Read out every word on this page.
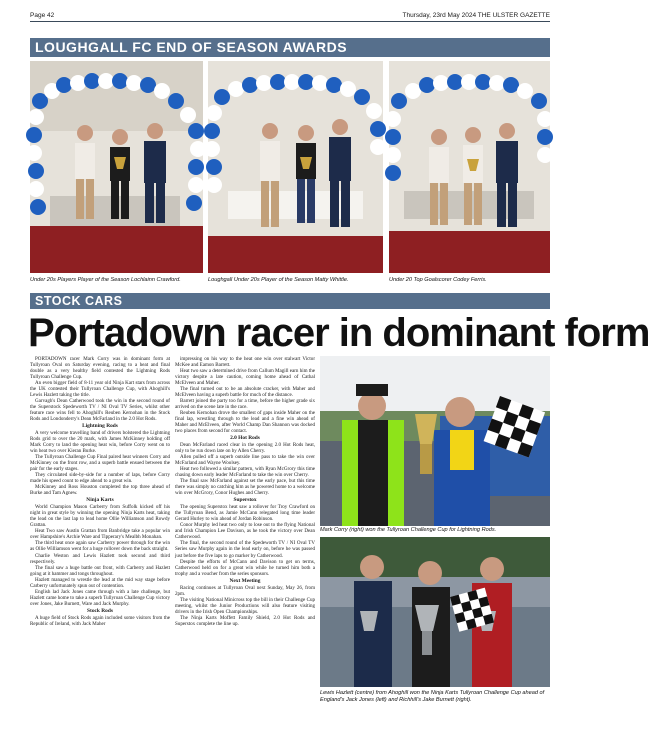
Page 42	Thursday, 23rd May 2024 THE ULSTER GAZETTE
LOUGHGALL FC END OF SEASON AWARDS
Under 20s Players Player of the Season Lochlainn Crawford.	Loughgall Under 20s Player of the Season Matty Whittle.	Under 20 Top Goalscorer Codey Ferris.
STOCK CARS
Portadown racer in dominant form

PORTADOWN racer Mark Corry was in dominant form at Tullyroan Oval on Saturday evening, racing to a heat and final double as a very healthy field contested the Lightning Rods Tullyroan Challenge Cup.

An even bigger field of 8-11 year old Ninja Kart stars from across the UK contested their Tullyroan Challenge Cup, with Ahoghill's Lewis Hazlett taking the title.

Garvagh's Dean Catherwood took the win in the second round of the Superstock Spedeworth TV / NI Oval TV Series, whilst other feature race wins fell to Ahoghill's Reuben Kernohan in the Stock Rods and Londonderry's Dean McFarland in the 2.0 Hot Rods.

Lightning Rods

A very welcome travelling band of drivers bolstered the Lightning Rods grid to over the 20 mark, with James McKinney holding off Mark Corry to land the opening heat win, before Corry went on to win heat two over Kieran Burke.

The Tullyroan Challenge Cup Final paired heat winners Corry and McKinney on the front row, and a superb battle ensued between the pair for the early stages.

They circulated side-by-side for a number of laps, before Corry made his speed count to edge ahead to a great win.

McKinney and Ross Houston completed the top three ahead of Burke and Tam Agnew.

Ninja Karts

World Champion Mason Carberry from Suffolk kicked off his night in great style by winning the opening Ninja Karts heat, taking the lead on the last lap to lead home Ollie Williamson and Rowdy Grattan.

Heat Two saw Austin Grattan from Banbridge take a popular win over Hampshire's Archie Ware and Tipperary's Mealbh Monahan.

The third heat once again saw Carberry power through for the win as Ollie Williamson went for a huge rollover down the back straight.

Charlie Weston and Lewis Hazlett took second and third respectively.

The final saw a huge battle out front, with Carberry and Hazlett going at it hammer and tongs throughout.

Hazlett managed to wrestle the lead at the mid way stage before Carberry unfortunately spun out of contention.

English lad Jack Jones came through with a late challenge, but Hazlett came home to take a superb Tullyroan Challenge Cup victory over Jones, Jake Burnett, Ware and Jack Murphy.

Stock Rods

A huge field of Stock Rods again included some visitors from the Republic of Ireland, with Jack Maher

impressing on his way to the heat one win over stalwart Victor McKee and Eamon Barrett.

Heat two saw a determined drive from Callum Magill earn him the victory despite a late caution, coming home ahead of Cathal McElveen and Maher.

The final turned out to be an absolute cracker, with Maher and McElveen having a superb battle for much of the distance.

Barrett joined the party too for a time, before the higher grade six arrived on the scene late in the race.

Reuben Kernohan drove the smallest of gaps inside Maher on the final lap, wrestling through to the lead and a fine win ahead of Maher and McElveen, after World Champ Dan Shannon was docked two places from second for contact.

2.0 Hot Rods

Dean McFarland raced clear in the opening 2.0 Hot Rods heat, only to be run down late on by Allen Cherry.

Allen pulled off a superb outside line pass to take the win over McFarland and Wayne Woolsey.

Heat two followed a similar pattern, with Ryan McGrory this time chasing down early leader McFarland to take the win over Cherry.

The final saw McFarland against set the early pace, but this time there was simply no catching him as he powered home to a welcome win over McGrory, Conor Hughes and Cherry.

Superstox

The opening Superstox heat saw a rollover for Troy Crawford on the Tullyroan Bend, as Jamie McCann relegated long time leader Gerard Hurley to win ahead of Jordan Robinson.

Conor Murphy led heat two only to lose out to the flying National and Irish Champion Lee Davison, as he took the victory over Dean Catherwood.

The final, the second round of the Spedeworth TV / NI Oval TV Series saw Murphy again in the lead early on, before he was passed just before the five laps to go marker by Catherwood.

Despite the efforts of McCann and Davison to get on terms, Catherwood held on for a great win while he turned him both a trophy and a voucher from the series sponsors.

Next Meeting

Racing continues at Tullyroan Oval next Sunday, May 26, from 2pm.

The visiting National Minicross top the bill in their Challenge Cup meeting, whilst the Junior Productions will also feature visiting drivers in the Irish Open Championships.

The Ninja Karts Moffett Family Shield, 2.0 Hot Rods and Superstox complete the line up.

Mark Corry (right) won the Tullyroan Challenge Cup for Lightning Rods.
Lewis Hazlett (centre) from Ahoghill won the Ninja Karts Tullyroan Challenge Cup ahead of England's Jack Jones (left) and Richhill's Jake Burnett (right).
